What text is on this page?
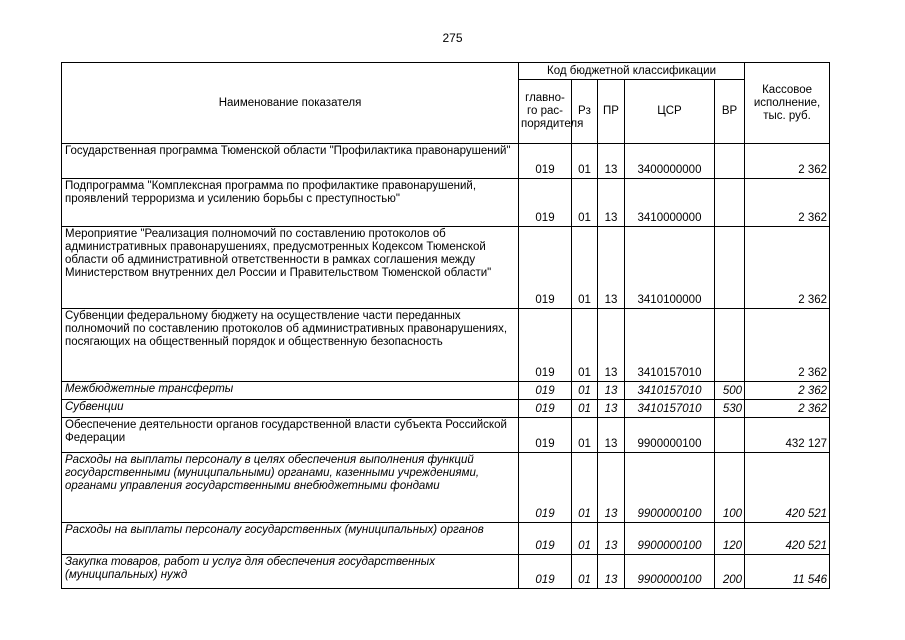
275
Наименование показателя	Код бюджетной классификации					Кассовое исполнение, тыс. руб.
	главно-го рас-порядителя	Рз	ПР	ЦСР	ВР	
Государственная программа Тюменской области "Профилактика правонарушений"	019	01	13	3400000000		2 362
Подпрограмма "Комплексная программа по профилактике правонарушений, проявлений терроризма и усилению борьбы с преступностью"	019	01	13	3410000000		2 362
Мероприятие "Реализация полномочий по составлению протоколов об административных правонарушениях, предусмотренных Кодексом Тюменской области об административной ответственности в рамках соглашения между Министерством внутренних дел России и Правительством Тюменской области"	019	01	13	3410100000		2 362
Субвенции федеральному бюджету на осуществление части переданных полномочий по составлению протоколов об административных правонарушениях, посягающих на общественный порядок и общественную безопасность	019	01	13	3410157010		2 362
Межбюджетные трансферты	019	01	13	3410157010	500	2 362
Субвенции	019	01	13	3410157010	530	2 362
Обеспечение деятельности органов государственной власти субъекта Российской Федерации	019	01	13	9900000100		432 127
Расходы на выплаты персоналу в целях обеспечения выполнения функций государственными (муниципальными) органами, казенными учреждениями, органами управления государственными внебюджетными фондами	019	01	13	9900000100	100	420 521
Расходы на выплаты персоналу государственных (муниципальных) органов	019	01	13	9900000100	120	420 521
Закупка товаров, работ и услуг для обеспечения государственных (муниципальных) нужд	019	01	13	9900000100	200	11 546
